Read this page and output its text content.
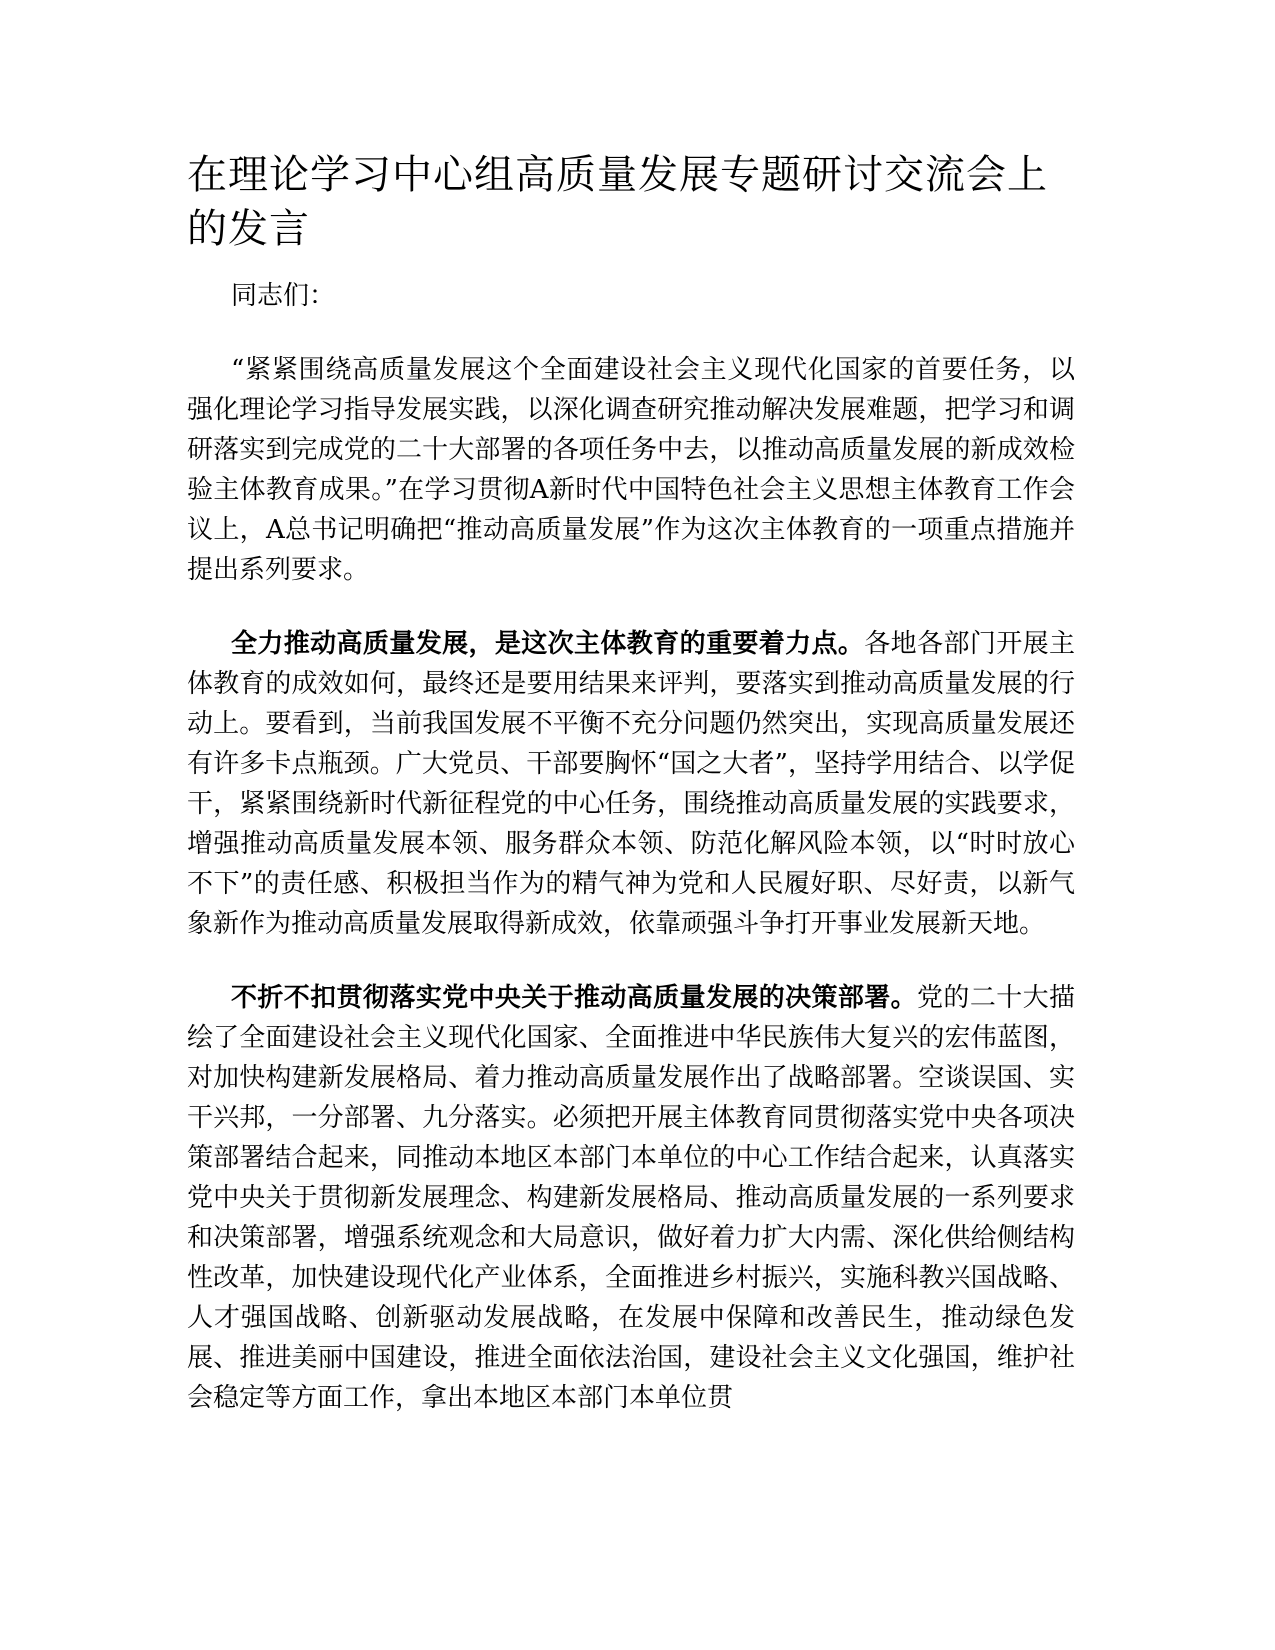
在理论学习中心组高质量发展专题研讨交流会上的发言

同志们：

“紧紧围绕高质量发展这个全面建设社会主义现代化国家的首要任务，以强化理论学习指导发展实践，以深化调查研究推动解决发展难题，把学习和调研落实到完成党的二十大部署的各项任务中去，以推动高质量发展的新成效检验主体教育成果。”在学习贯彻A新时代中国特色社会主义思想主体教育工作会议上，A总书记明确把“推动高质量发展”作为这次主体教育的一项重点措施并提出系列要求。

全力推动高质量发展，是这次主体教育的重要着力点。各地各部门开展主体教育的成效如何，最终还是要用结果来评判，要落实到推动高质量发展的行动上。要看到，当前我国发展不平衡不充分问题仍然突出，实现高质量发展还有许多卡点瓶颈。广大党员、干部要胸怀“国之大者”，坚持学用结合、以学促干，紧紧围绕新时代新征程党的中心任务，围绕推动高质量发展的实践要求，增强推动高质量发展本领、服务群众本领、防范化解风险本领，以“时时放心不下”的责任感、积极担当作为的精气神为党和人民履好职、尽好责，以新气象新作为推动高质量发展取得新成效，依靠顽强斗争打开事业发展新天地。

不折不扣贯彻落实党中央关于推动高质量发展的决策部署。党的二十大描绘了全面建设社会主义现代化国家、全面推进中华民族伟大复兴的宏伟蓝图，对加快构建新发展格局、着力推动高质量发展作出了战略部署。空谈误国、实干兴邦，一分部署、九分落实。必须把开展主体教育同贯彻落实党中央各项决策部署结合起来，同推动本地区本部门本单位的中心工作结合起来，认真落实党中央关于贯彻新发展理念、构建新发展格局、推动高质量发展的一系列要求和决策部署，增强系统观念和大局意识，做好着力扩大内需、深化供给侧结构性改革，加快建设现代化产业体系，全面推进乡村振兴，实施科教兴国战略、人才强国战略、创新驱动发展战略，在发展中保障和改善民生，推动绿色发展、推进美丽中国建设，推进全面依法治国，建设社会主义文化强国，维护社会稳定等方面工作，拿出本地区本部门本单位贯
